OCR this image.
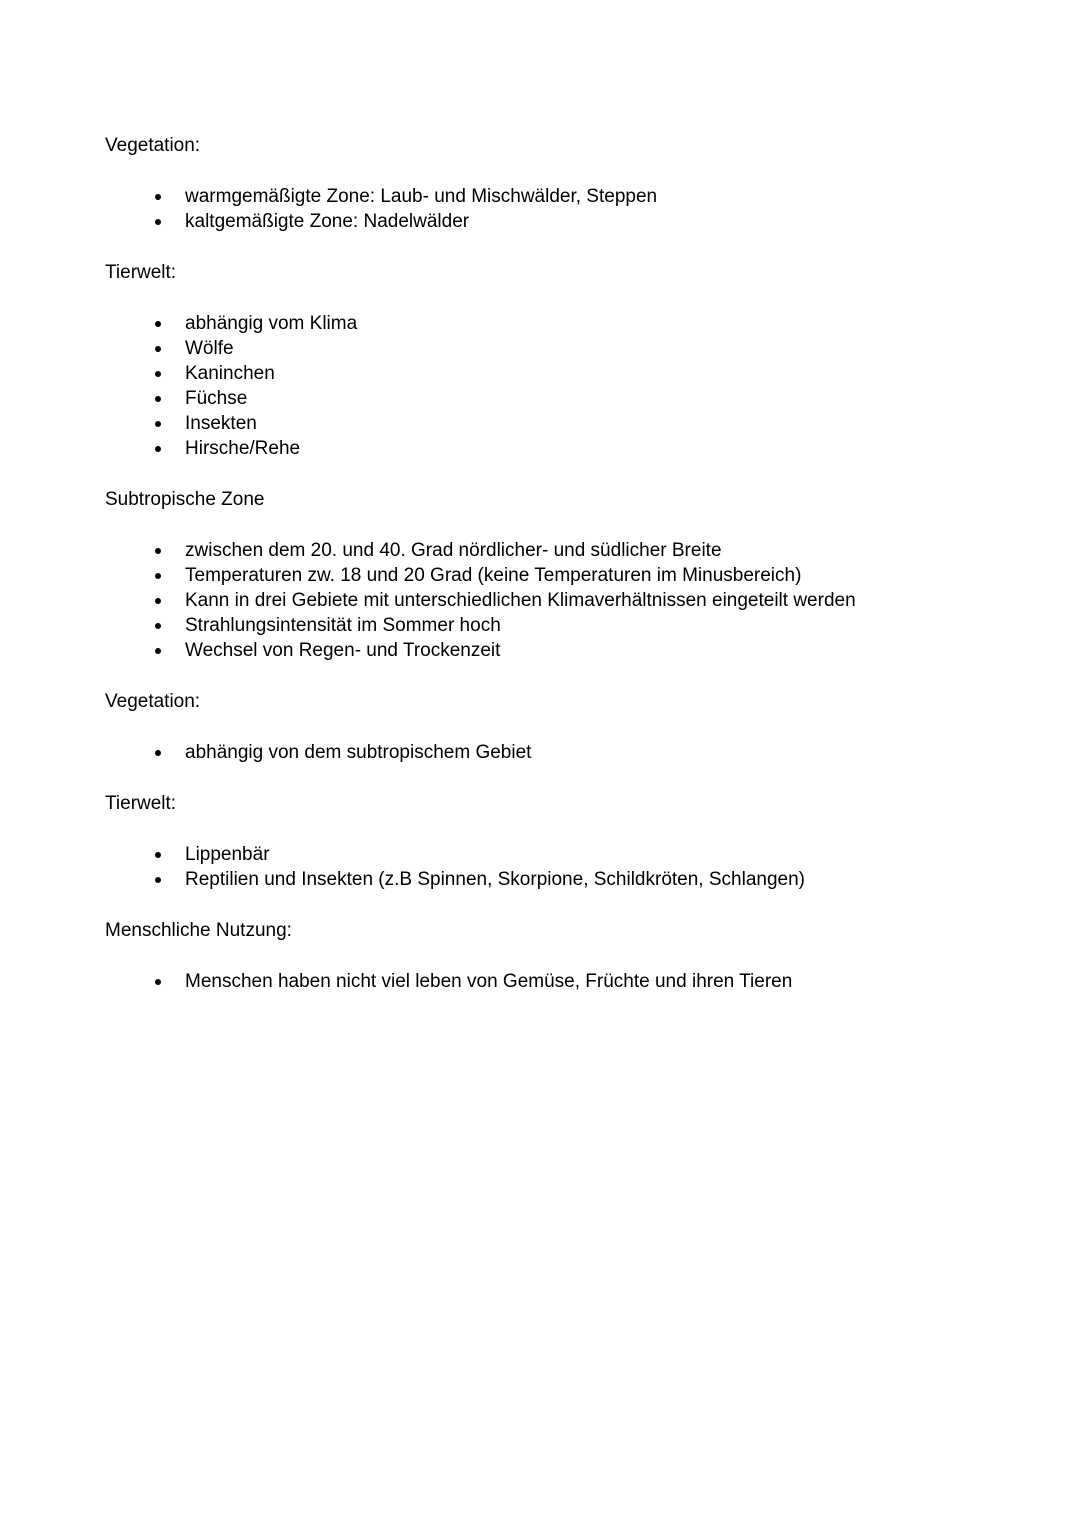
Vegetation:

warmgemäßigte Zone: Laub- und Mischwälder, Steppen
kaltgemäßigte Zone: Nadelwälder

Tierwelt:

abhängig vom Klima
Wölfe
Kaninchen
Füchse
Insekten
Hirsche/Rehe

Subtropische Zone

zwischen dem 20. und 40. Grad nördlicher- und südlicher Breite
Temperaturen zw. 18 und 20 Grad (keine Temperaturen im Minusbereich)
Kann in drei Gebiete mit unterschiedlichen Klimaverhältnissen eingeteilt werden
Strahlungsintensität im Sommer hoch
Wechsel von Regen- und Trockenzeit

Vegetation:

abhängig von dem subtropischem Gebiet

Tierwelt:

Lippenbär
Reptilien und Insekten (z.B Spinnen, Skorpione, Schildkröten, Schlangen)

Menschliche Nutzung:

Menschen haben nicht viel leben von Gemüse, Früchte und ihren Tieren
